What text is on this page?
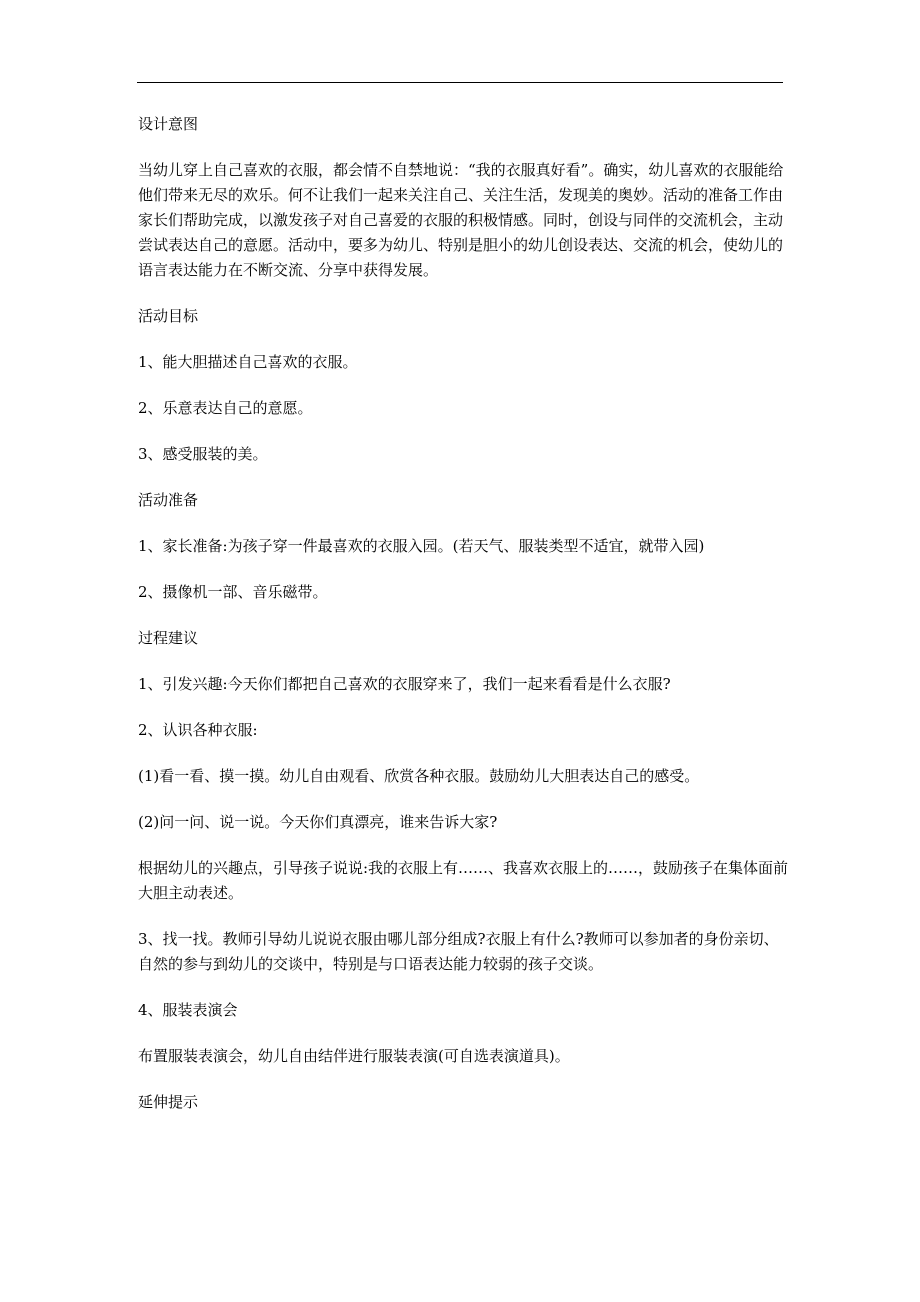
设计意图

当幼儿穿上自己喜欢的衣服，都会情不自禁地说：“我的衣服真好看”。确实，幼儿喜欢的衣服能给他们带来无尽的欢乐。何不让我们一起来关注自己、关注生活，发现美的奥妙。活动的准备工作由家长们帮助完成，以激发孩子对自己喜爱的衣服的积极情感。同时，创设与同伴的交流机会，主动尝试表达自己的意愿。活动中，要多为幼儿、特别是胆小的幼儿创设表达、交流的机会，使幼儿的语言表达能力在不断交流、分享中获得发展。

活动目标

1、能大胆描述自己喜欢的衣服。

2、乐意表达自己的意愿。

3、感受服装的美。

活动准备

1、家长准备:为孩子穿一件最喜欢的衣服入园。(若天气、服装类型不适宜，就带入园)

2、摄像机一部、音乐磁带。

过程建议

1、引发兴趣:今天你们都把自己喜欢的衣服穿来了，我们一起来看看是什么衣服?

2、认识各种衣服:

(1)看一看、摸一摸。幼儿自由观看、欣赏各种衣服。鼓励幼儿大胆表达自己的感受。

(2)问一问、说一说。今天你们真漂亮，谁来告诉大家?

根据幼儿的兴趣点，引导孩子说说:我的衣服上有……、我喜欢衣服上的……，鼓励孩子在集体面前大胆主动表述。

3、找一找。教师引导幼儿说说衣服由哪儿部分组成?衣服上有什么?教师可以参加者的身份亲切、自然的参与到幼儿的交谈中，特别是与口语表达能力较弱的孩子交谈。

4、服装表演会

布置服装表演会，幼儿自由结伴进行服装表演(可自选表演道具)。

延伸提示
